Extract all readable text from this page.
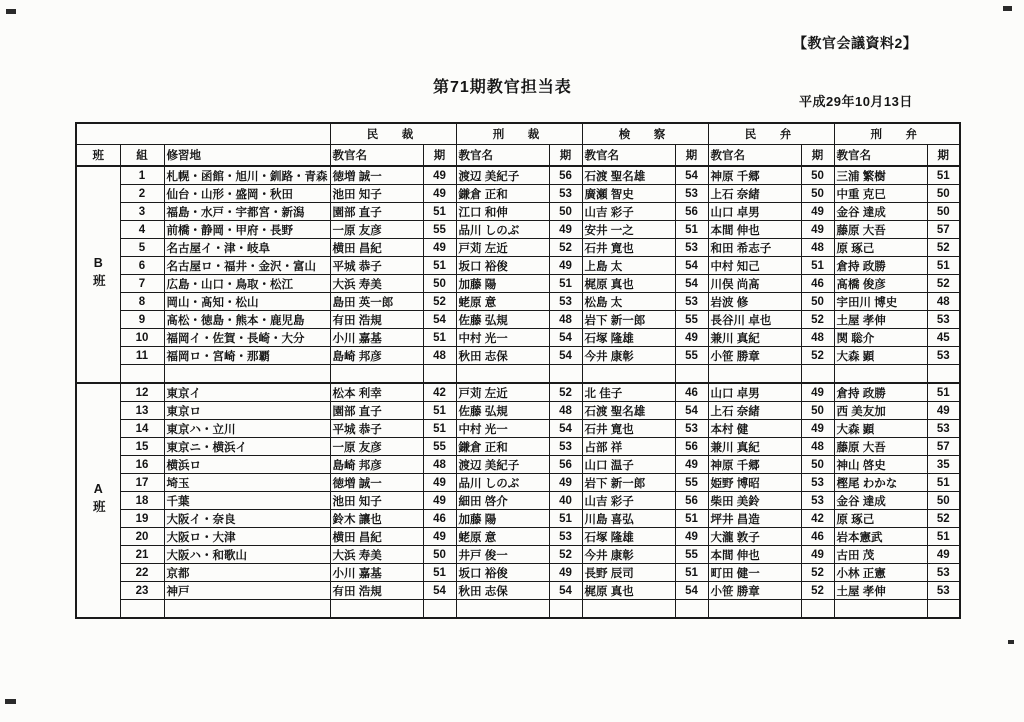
【教官会議資料2】
第71期教官担当表
平成29年10月13日
			民　裁		刑　裁		検　察		民　弁		刑　弁	
班	組	修習地	教官名	期	教官名	期	教官名	期	教官名	期	教官名	期
B班	1	札幌・函館・旭川・釧路・青森	徳増 誠一	49	渡辺 美紀子	56	石渡 聖名雄	54	神原 千郷	50	三浦 繁樹	51
	2	仙台・山形・盛岡・秋田	池田 知子	49	鎌倉 正和	53	廣瀬 智史	53	上石 奈緒	50	中重 克巳	50
	3	福島・水戸・宇都宮・新潟	園部 直子	51	江口 和伸	50	山吉 彩子	56	山口 卓男	49	金谷 達成	50
	4	前橋・静岡・甲府・長野	一原 友彦	55	品川 しのぶ	49	安井 一之	51	本間 伸也	49	藤原 大吾	57
	5	名古屋イ・津・岐阜	横田 昌紀	49	戸苅 左近	52	石井 寛也	53	和田 希志子	48	原 琢己	52
	6	名古屋ロ・福井・金沢・富山	平城 恭子	51	坂口 裕俊	49	上島 太	54	中村 知己	51	倉持 政勝	51
	7	広島・山口・鳥取・松江	大浜 寿美	50	加藤 陽	51	梶原 真也	54	川俣 尚髙	46	髙橋 俊彦	52
	8	岡山・髙知・松山	島田 英一郎	52	蛯原 意	53	松島 太	53	岩波 修	50	宇田川 博史	48
	9	髙松・徳島・熊本・鹿児島	有田 浩規	54	佐藤 弘規	48	岩下 新一郎	55	長谷川 卓也	52	土屋 孝伸	53
	10	福岡イ・佐賀・長崎・大分	小川 嘉基	51	中村 光一	54	石塚 隆雄	49	兼川 真紀	48	関 聡介	45
	11	福岡ロ・宮崎・那覇	島崎 邦彦	48	秋田 志保	54	今井 康彰	55	小笹 勝章	52	大森 顕	53

A班	12	東京イ	松本 利幸	42	戸苅 左近	52	北 佳子	46	山口 卓男	49	倉持 政勝	51
	13	東京ロ	園部 直子	51	佐藤 弘規	48	石渡 聖名雄	54	上石 奈緒	50	西 美友加	49
	14	東京ハ・立川	平城 恭子	51	中村 光一	54	石井 寛也	53	本村 健	49	大森 顕	53
	15	東京ニ・横浜イ	一原 友彦	55	鎌倉 正和	53	占部 祥	56	兼川 真紀	48	藤原 大吾	57
	16	横浜ロ	島崎 邦彦	48	渡辺 美紀子	56	山口 温子	49	神原 千郷	50	神山 啓史	35
	17	埼玉	徳増 誠一	49	品川 しのぶ	49	岩下 新一郎	55	姫野 博昭	53	樫尾 わかな	51
	18	千葉	池田 知子	49	細田 啓介	40	山吉 彩子	56	柴田 美鈴	53	金谷 達成	50
	19	大阪イ・奈良	鈴木 讓也	46	加藤 陽	51	川島 喜弘	51	坪井 昌造	42	原 琢己	52
	20	大阪ロ・大津	横田 昌紀	49	蛯原 意	53	石塚 隆雄	49	大瀧 敦子	46	岩本憲武	51
	21	大阪ハ・和歌山	大浜 寿美	50	井戸 俊一	52	今井 康彰	55	本間 伸也	49	古田 茂	49
	22	京都	小川 嘉基	51	坂口 裕俊	49	長野 辰司	51	町田 健一	52	小林 正憲	53
	23	神戸	有田 浩規	54	秋田 志保	54	梶原 真也	54	小笹 勝章	52	土屋 孝伸	53
